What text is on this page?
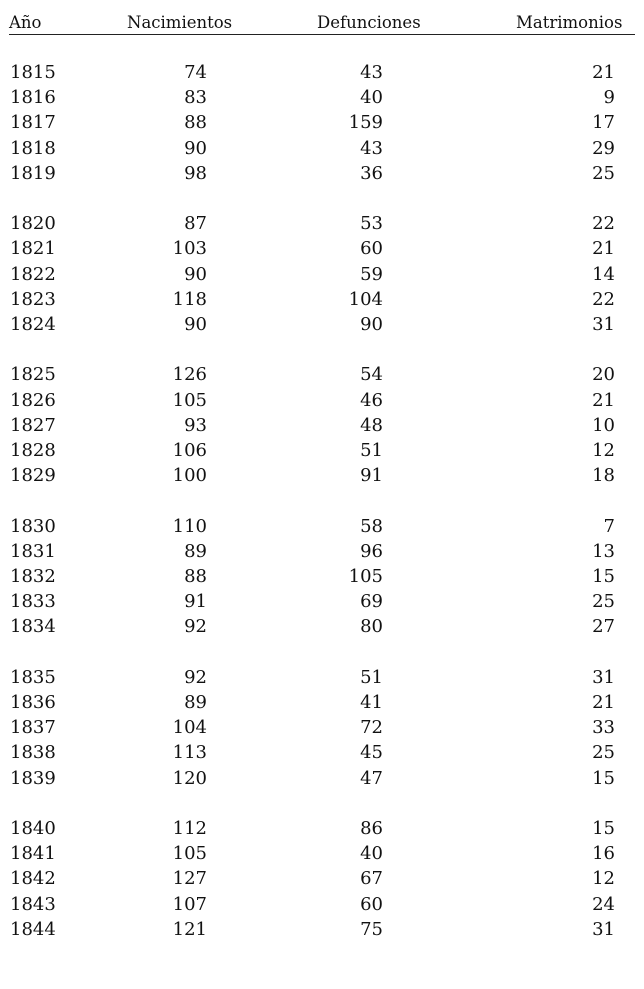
Año	Nacimientos	Defunciones	Matrimonios
1815	74	43	21
1816	83	40	9
1817	88	159	17
1818	90	43	29
1819	98	36	25
1820	87	53	22
1821	103	60	21
1822	90	59	14
1823	118	104	22
1824	90	90	31
1825	126	54	20
1826	105	46	21
1827	93	48	10
1828	106	51	12
1829	100	91	18
1830	110	58	7
1831	89	96	13
1832	88	105	15
1833	91	69	25
1834	92	80	27
1835	92	51	31
1836	89	41	21
1837	104	72	33
1838	113	45	25
1839	120	47	15
1840	112	86	15
1841	105	40	16
1842	127	67	12
1843	107	60	24
1844	121	75	31
